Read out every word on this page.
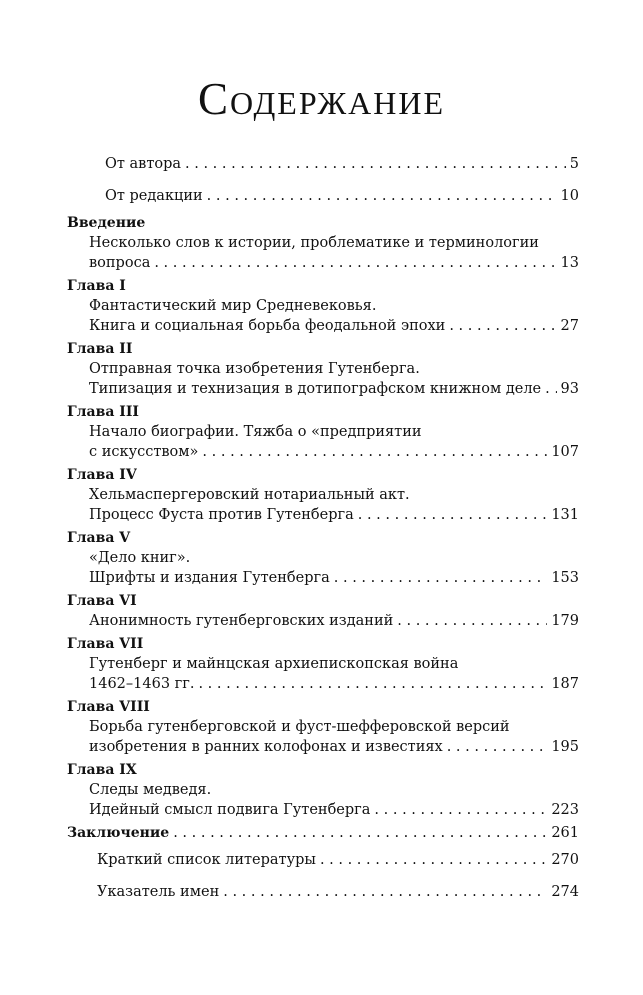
Содержание
От автора . . .	5
От редакции . . .	10
Введение
Несколько слов к истории, проблематике и терминологии
вопроса . . .	13
Глава I
Фантастический мир Средневековья.
Книга и социальная борьба феодальной эпохи . . .	27
Глава II
Отправная точка изобретения Гутенберга.
Типизация и технизация в дотипографском книжном деле . . . 93
Глава III
Начало биографии. Тяжба о «предприятии
с искусством» . . .	107
Глава IV
Хельмаспергеровский нотариальный акт.
Процесс Фуста против Гутенберга . . .	131
Глава V
«Дело книг».
Шрифты и издания Гутенберга . . .	153
Глава VI
Анонимность гутенберговских изданий . . .	179
Глава VII
Гутенберг и майнцская архиепископская война
1462–1463 гг. . . .	187
Глава VIII
Борьба гутенберговской и фуст-шефферовской версий
изобретения в ранних колофонах и известиях . . .	195
Глава IX
Следы медведя.
Идейный смысл подвига Гутенберга . . .	223
Заключение . . .	261
Краткий список литературы . . .	270
Указатель имен . . .	274
